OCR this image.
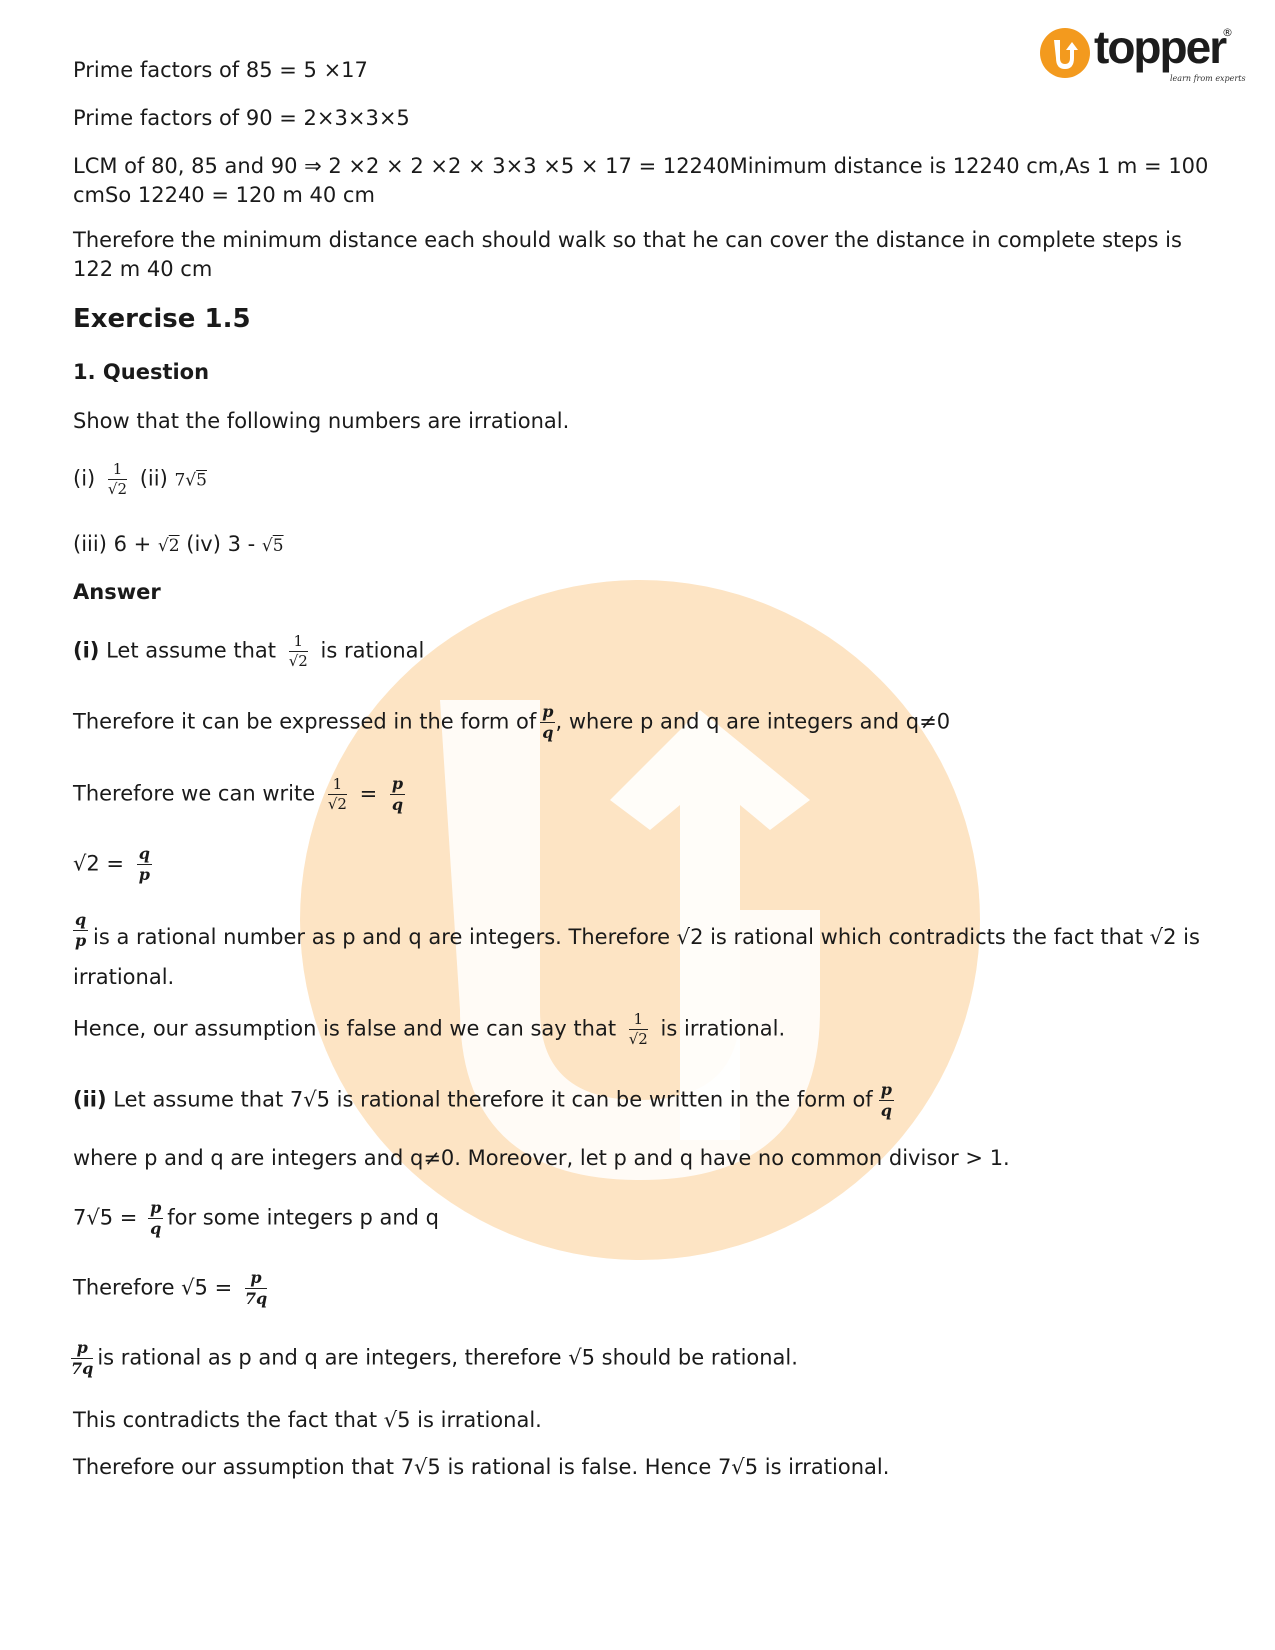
topper
®
learn from experts
Prime factors of 85 = 5 ×17
Prime factors of 90 = 2×3×3×5
LCM of 80, 85 and 90 ⇒ 2 ×2 × 2 ×2 × 3×3 ×5 × 17 = 12240Minimum distance is 12240 cm,As 1 m = 100 cmSo 12240 = 120 m 40 cm
Therefore the minimum distance each should walk so that he can cover the distance in complete steps is 122 m 40 cm
Exercise 1.5
1. Question
Show that the following numbers are irrational.
$(i) \frac{1}{√2} (ii)$ 7√5
(iii) 6 + √2 (iv) 3 - √5
Answer
(i) Let assume that $\frac{1}{√2}$ is rational
Therefore it can be expressed in the form of $\frac{p}{q}$ , where p and q are integers and q≠0
Therefore we can write $\frac{1}{√2} = \frac{p}{q}$
$√2 = \frac{q}{p}$
$\frac{q}{p}$ is a rational number as p and q are integers. Therefore √2 is rational which contradicts the fact that √2 is irrational.
Hence, our assumption is false and we can say that $\frac{1}{√2}$ is irrational.
(ii) Let assume that 7√5 is rational therefore it can be written in the form of $\frac{p}{q}$
where p and q are integers and q≠0. Moreover, let p and q have no common divisor > 1.
$7√5 = \frac{p}{q}$ for some integers p and q
Therefore $√5 = \frac{p}{7q}$
$\frac{p}{7q}$ is rational as p and q are integers, therefore √5 should be rational.
This contradicts the fact that √5 is irrational.
Therefore our assumption that 7√5 is rational is false. Hence 7√5 is irrational.
